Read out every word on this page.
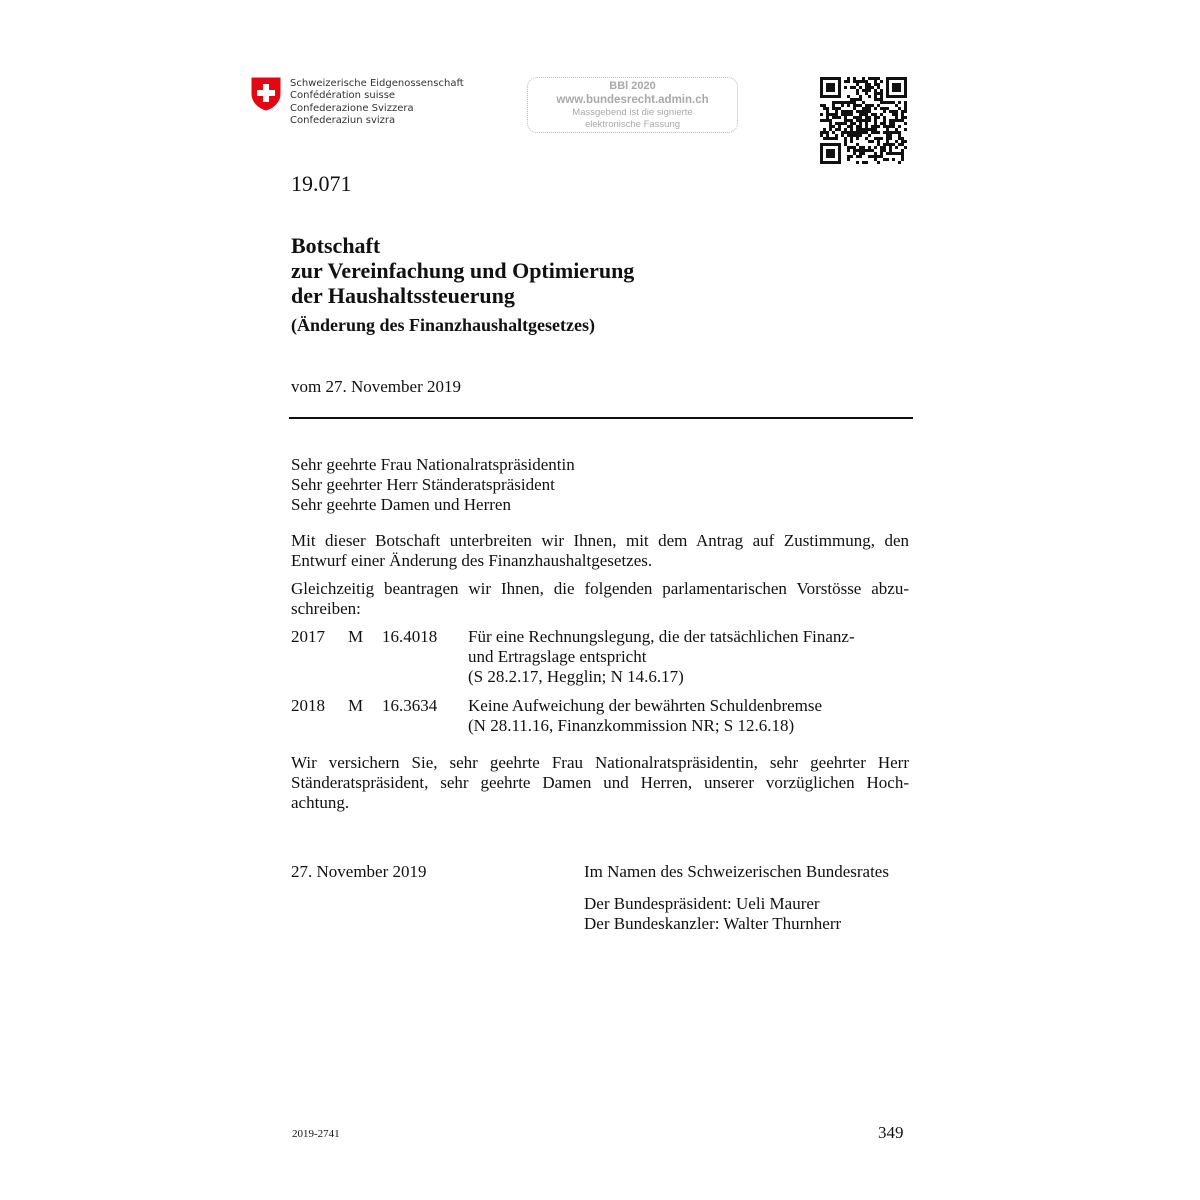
Schweizerische Eidgenossenschaft
Confédération suisse
Confederazione Svizzera
Confederaziun svizra
BBl 2020
www.bundesrecht.admin.ch
Massgebend ist die signierte
elektronische Fassung
19.071
Botschaft
zur Vereinfachung und Optimierung
der Haushaltssteuerung
(Änderung des Finanzhaushaltgesetzes)
vom 27. November 2019
Sehr geehrte Frau Nationalratspräsidentin
Sehr geehrter Herr Ständeratspräsident
Sehr geehrte Damen und Herren
Mit dieser Botschaft unterbreiten wir Ihnen, mit dem Antrag auf Zustimmung, den
Entwurf einer Änderung des Finanzhaushaltgesetzes.
Gleichzeitig beantragen wir Ihnen, die folgenden parlamentarischen Vorstösse abzu-
schreiben:
2017 M 16.4018 Für eine Rechnungslegung, die der tatsächlichen Finanz-
und Ertragslage entspricht
(S 28.2.17, Hegglin; N 14.6.17)
2018 M 16.3634 Keine Aufweichung der bewährten Schuldenbremse
(N 28.11.16, Finanzkommission NR; S 12.6.18)
Wir versichern Sie, sehr geehrte Frau Nationalratspräsidentin, sehr geehrter Herr
Ständeratspräsident, sehr geehrte Damen und Herren, unserer vorzüglichen Hoch-
achtung.
27. November 2019	Im Namen des Schweizerischen Bundesrates
Der Bundespräsident: Ueli Maurer
Der Bundeskanzler: Walter Thurnherr
2019-2741	349
